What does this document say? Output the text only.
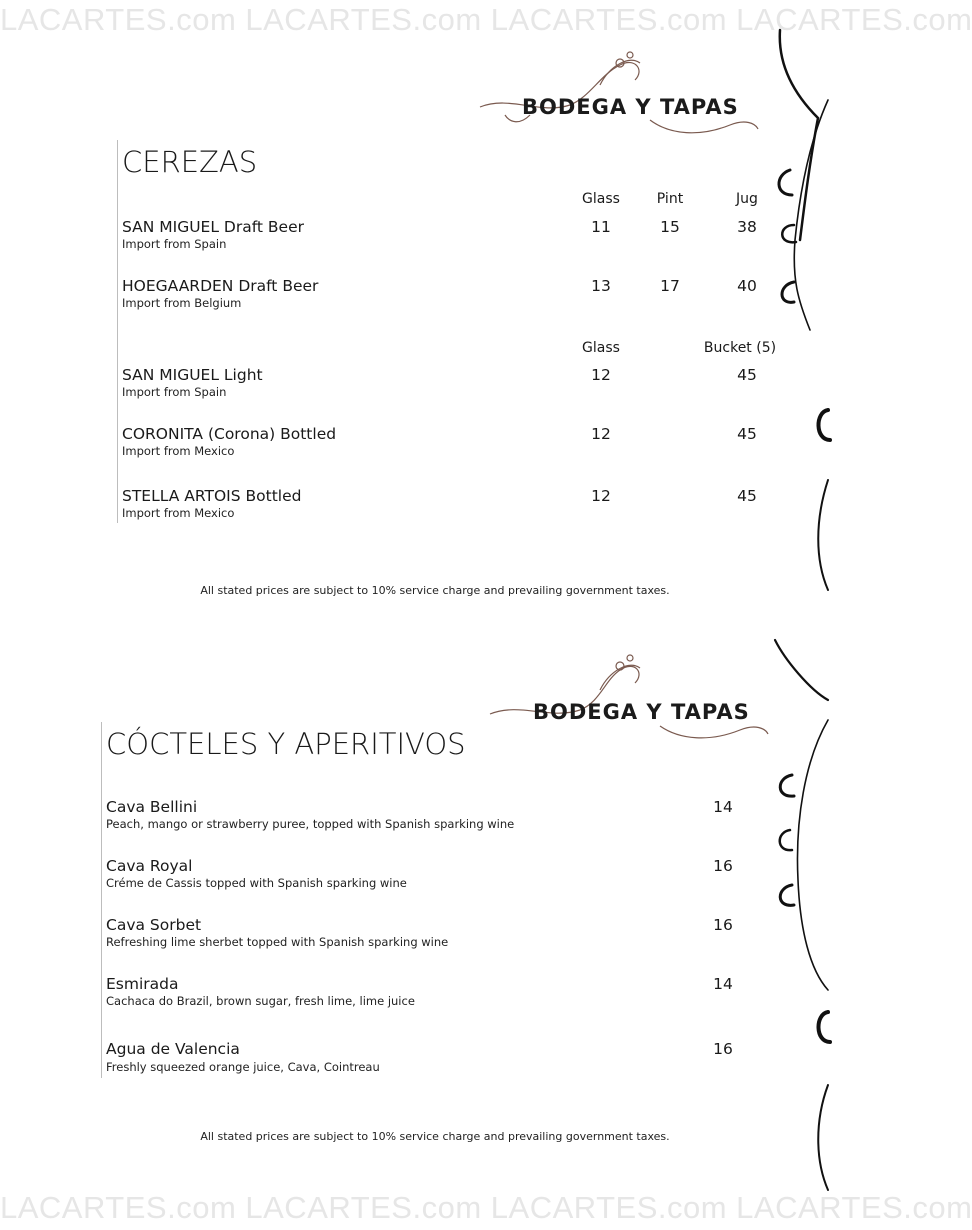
LACARTES.com LACARTES.com LACARTES.com LACARTES.com
LACARTES.com LACARTES.com LACARTES.com LACARTES.com
BODEGA Y TAPAS
CEREZAS
Glass	Pint	Jug
SAN MIGUEL Draft Beer
Import from Spain
11	15	38
HOEGAARDEN Draft Beer
Import from Belgium
13	17	40
Glass	Bucket (5)
SAN MIGUEL Light
Import from Spain
12	45
CORONITA (Corona) Bottled
Import from Mexico
12	45
STELLA ARTOIS Bottled
Import from Mexico
12	45
All stated prices are subject to 10% service charge and prevailing government taxes.
BODEGA Y TAPAS
CÓCTELES Y APERITIVOS
Cava Bellini
Peach, mango or strawberry puree, topped with Spanish sparking wine
14
Cava Royal
Créme de Cassis topped with Spanish sparking wine
16
Cava Sorbet
Refreshing lime sherbet topped with Spanish sparking wine
16
Esmirada
Cachaca do Brazil, brown sugar, fresh lime, lime juice
14
Agua de Valencia
Freshly squeezed orange juice, Cava, Cointreau
16
All stated prices are subject to 10% service charge and prevailing government taxes.
